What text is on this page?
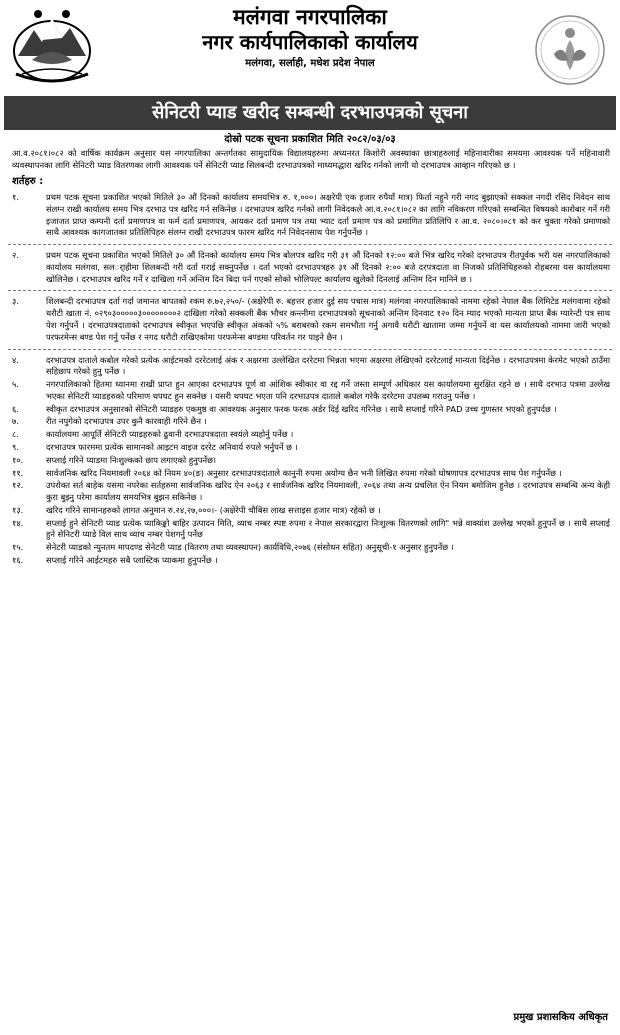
मलंगवा नगरपालिका
नगर कार्यपालिकाको कार्यालय
मलंगवा, सर्लाही, मधेश प्रदेश नेपाल
सेनिटरी प्याड खरीद सम्बन्धी दरभाउपत्रको सूचना
दोस्रो पटक सूचना प्रकाशित मिति २०८२/०३/०३
आ.व.२०८१।०८२ को वार्षिक कार्यक्रम अनुसार यस नगरपालिका अन्तर्गतका सामुदायिक विद्यालयहरुमा अध्यनरत किशोरी अवस्थाका छात्राहरुलाई महिनावारीका समयमा आवश्यक पर्ने महिनावारी व्यवस्थापनका लागि सेनिटरी प्याड वितरणका लागी आवश्यक पर्ने सेनिटरी प्याड सिलबन्दी दरभाउपत्रको माध्यमद्धारा खरिद गर्नको लागी यो दरभाउपत्र आव्हान गरिएको छ ।
शर्तहरु :
१.	प्रथम पटक सूचना प्रकाशित भएको मितिले ३० औं दिनको कार्यालय समयभित्र रु. १,०००। अक्षरेपी एक हजार रुपैयाँ मात्र) फिर्ता नहुने गरी नगद बुझाएको सक्कल नगदी रसिद निवेदन साथ संलग्न राखी कार्यालय समय भित्र दरभाउ पत्र खरिद गर्न सकिनेछ । दरभाउपत्र खरिद गर्नको लागी निवेदकले आ.व.२०८१।०८२ का लागि नविकरण गरिएको सम्बन्धित विषयको कारोबार गर्ने गरी इजाजत प्राप्त कम्पनी दर्ता प्रमाणपत्र वा फर्म दर्ता प्रमाणपत्र, आयकर दर्ता प्रमाण पत्र तथा भ्याट दर्ता प्रमाण पत्र को प्रमाणित प्रतिलिपि र आ.व. २०८०।०८१ को कर चुक्ता गरेको प्रमाणको साथै आवश्यक कागजातका प्रतिलिपिहरु संलग्न राखी दरभाउपत्र फारम खरिद गर्न निवेदनसाथ पेश गर्नुपर्नेछ ।
२.	प्रथम पटक सूचना प्रकाशित भएको मितिले ३० औं दिनको कार्यालय समय भित्र बोलपत्र खरिद गरी ३१ औं दिनको १२:०० बजे भित्र खरिद गरेको दरभाउपत्र रीतपूर्वक भरी यस नगरपालिकाको कार्यालय मलंगवा, सलर्ाहीमा शिलबन्दी गरी दर्ता गराई सक्नुपर्नेछ । दर्ता भएको दरभाउपत्रहरु ३१ औं दिनको २:०० बजे दरपत्रदाता वा निजको प्रतिनिधिहरुको रोहबरमा यस कार्यालयमा खोलिनेछ । दरभाउपत्र खरिद गर्ने र दाखिला गर्ने अन्तिम दिन बिदा पर्न गएको सोको भोलिपल्ट कार्यालय खुलेको दिनलाई अन्तिम दिन मानिने छ ।
३.	शिलबन्दी दरभाउपत्र दर्ता गर्दा जमानत बापतको रकम रु.७२,२५०/- (अक्षेरेपी रु. बहत्तर हजार दुई सय पचास मात्र) मलंगवा नगरपालिकाको नाममा रहेको नेपाल बैंक लिमिटेड मलंगवामा रहेको धरौटी खाता नं. ०२९०३०००००३००००००००२ दाखिला गरेको सक्कली बैंक भौचर कन्त्नीमा दरभाउपत्रको सूचनाको अन्तिम दिनवाट १२० दिन म्याद भएको मान्यता प्राप्त बैंक ग्यारेन्टी पत्र साथ पेश गर्नुपर्ने । दरभाउपत्रदाताको दरभाउपत्र स्वीकृत भएपछि स्वीकृत अंकको ५% बराबरको रकम समभौता गर्नु अगावै धरौटी खातामा जम्मा गर्नुपर्ने वा यस कार्यालयको नाममा जारी भएको परफरमेन्स बण्ड पेश गर्नु पर्नेछ र नगद धरौटी राखिएकोमा परफमेन्स बण्डमा परिवर्तन गर पाइने छैन ।
४.	दरभाउपत्र दाताले कबोल गरेको प्रत्येक आईटमको दररेटलाई अंक र अक्षरमा उल्लेखित दररेटमा भिन्नता भएमा अक्षरमा लेखिएको दररेटलाई मान्यता दिईनेछ । दरभाउपत्रमा केरमेट भएको ठाउँमा सहिछाप गरेको हुनु पर्नेछ ।
५.	नगरपालिकाको हितमा ध्यानमा राखी प्राप्त हुन आएका दरभाउपत्र पूर्ण वा आंशिक स्वीकार वा रद्द गर्ने जस्ता सम्पूर्ण अधिकार यस कार्यालयमा सुरक्षित रहने छ । साथै दरभाउ पत्रमा उल्लेख भएका सेनिटरी प्याडहरुको परिमाण थपघट हुन सक्नेछ । यसरी थपघट भएता पनि दरभाउपत्र दाताले कबोल गरेकै दररेटमा उपलब्ध गराउनु पर्नेछ ।
६.	स्वीकृत दरभाउपत्र अनुसारको सेनिटरी प्याडहरु एकमुष्ठ वा आवश्यक अनुसार फरक फरक अर्डर दिई खरिद गरिनेछ । साथै सप्लाई गरिने PAD उच्च गुणस्तर भएको हुनुपर्दछ ।
७.	रीत नपुगेको दरभाउपत्र उपर कुनै कारवाही गरिने छैन ।
८.	कार्यालयमा आपूर्ति सेनिटरी प्याडहरुको ढुवानी दरभाउपत्रदाता स्वयंले व्यहोर्नु पर्नेछ ।
९.	दरभाउपत्र फारममा प्रत्येक सामानको आइटम वाइज दररेट अनिवार्य रुपले भर्नुपर्ने छ ।
१०.	सप्लाई गरिने प्याडमा निःशुल्कको छाप लगाएको हुनुपर्नेछ।
११.	सार्वजनिक खरिद नियमावली २०६४ को नियम ४०(ङ) अनुसार दरभाउपत्रदाताले कानुनी रुपमा अयोग्य छैन भनी लिखित रुपमा गरेको घोषणापत्र दरभाउपत्र साथ पेश गर्नुपर्नेछ ।
१२.	उपरोक्त सर्त बाहेक यसमा नपरेका सर्तहरुमा सार्वजनिक खरिद ऐन २०६३ र सार्वजनिक खरिद नियमावली, २०६४ तथा अन्य प्रचलित ऐन नियम बमोजिम हुनेछ । दरभाउपत्र सम्बन्धि अन्य केही कुरा बुझ्नु परेमा कार्यालय समयभित्र बुझन सकिनेछ ।
१३.	खरिद गरिने सामानहरुको लागत अनुमान रु.२४,२७,०००।- (अक्षेरेपी चौबिस लाख सत्ताइस हजार मात्र) रहेको छ ।
१४.	सप्लाई हुने सेनिटरी प्याड प्रत्येक प्याकिङ्को बाहिर उत्पादन मिति, व्याच नम्बर स्पष्ट रुपमा र नेपाल सरकारद्वारा निःशुल्क वितरणको लागि" भन्ने वाक्यांश उल्लेख भएको हुनुपर्ने छ । साथै सप्लाई हुने सेनिटरी प्याडे विल साथ व्याच नम्बर पेशगर्नु पर्नेछ
१५.	सेनेटरी प्याडको न्युनतम मापदण्ड सेनेटरी प्याड (वितरण तथा व्यवस्थापन) कार्यविधि,२०७६ (संसोधन सहित) अनुसूची-१ अनुसार हुनुपर्नेछ ।
१६.	सप्लाई गरिने आईटमहरु सबै प्लास्टिक प्याकमा हुनुपर्नेछ ।
प्रमुख प्रशासकिय अधिकृत
